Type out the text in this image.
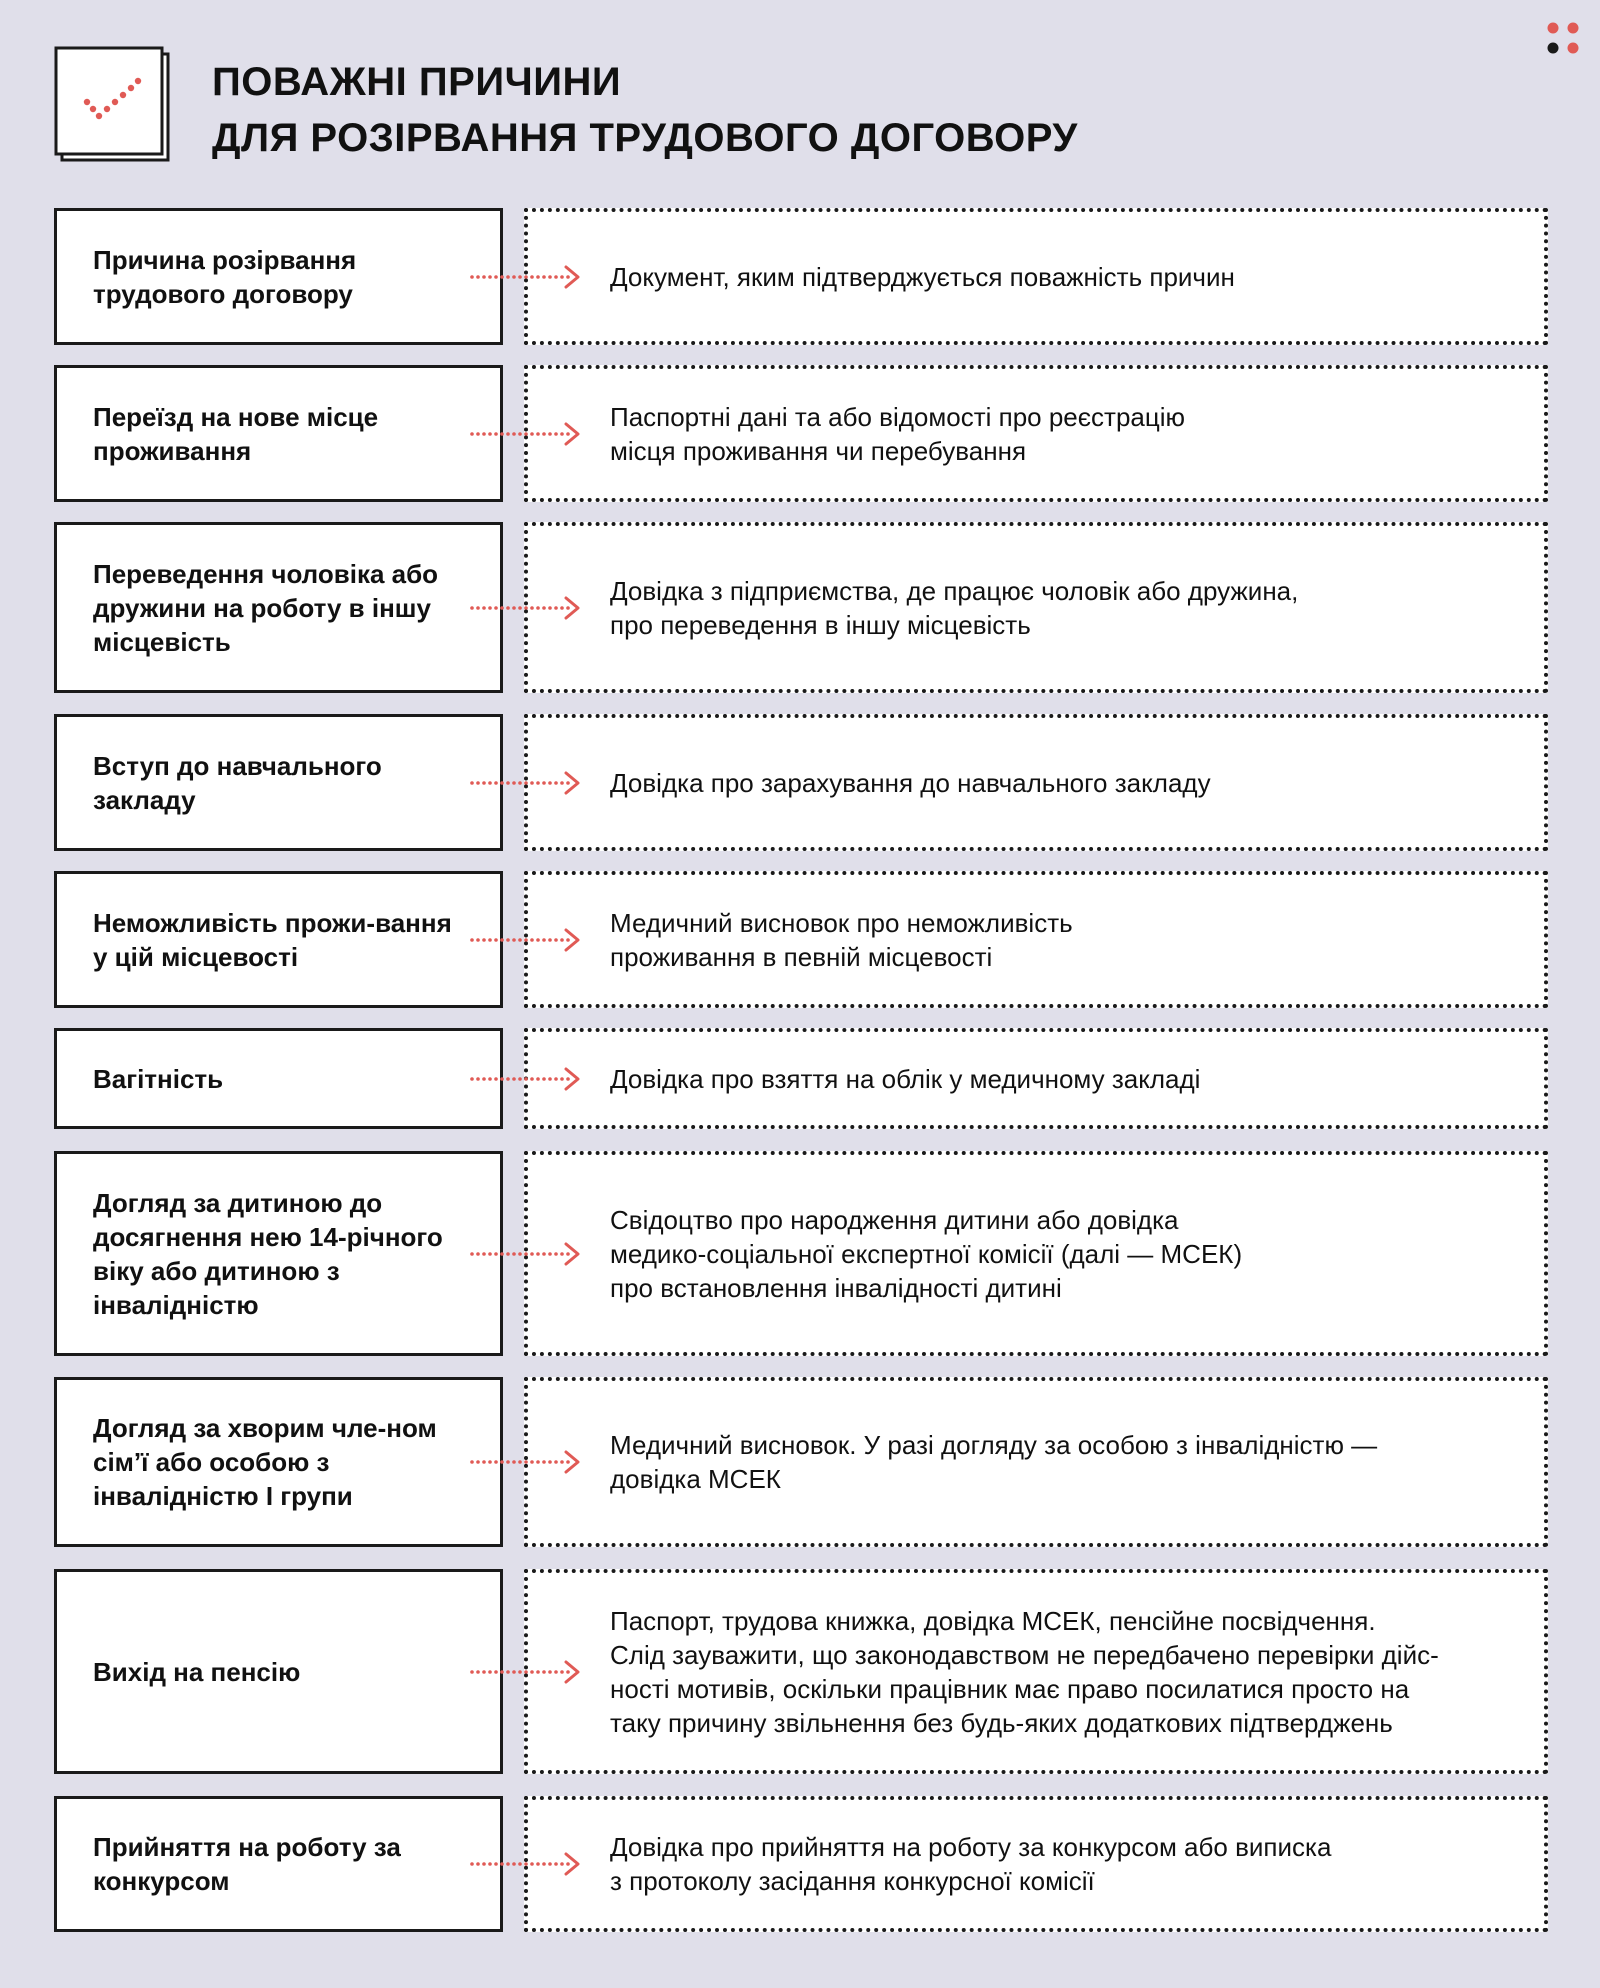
ПОВАЖНІ ПРИЧИНИ
ДЛЯ РОЗІРВАННЯ ТРУДОВОГО ДОГОВОРУ
Причина розірвання трудового договору

Документ, яким підтверджується поважність причин

Переїзд на нове місце проживання

Паспортні дані та або відомості про реєстрацію
місця проживання чи перебування

Переведення чоловіка або дружини на роботу в іншу місцевість

Довідка з підприємства, де працює чоловік або дружина,
про переведення в іншу місцевість

Вступ до навчального закладу

Довідка про зарахування до навчального закладу

Неможливість прожи-вання у цій місцевості

Медичний висновок про неможливість
проживання в певній місцевості

Вагітність	Довідка про взяття на облік у медичному закладі

Догляд за дитиною до досягнення нею 14-річного віку або дитиною з інвалідністю

Свідоцтво про народження дитини або довідка
медико-соціальної експертної комісії (далі — МСЕК)
про встановлення інвалідності дитині

Догляд за хворим чле-ном сім’ї або особою з інвалідністю I групи

Медичний висновок. У разі догляду за особою з інвалідністю —
довідка МСЕК

Вихід на пенсію

Паспорт, трудова книжка, довідка МСЕК, пенсійне посвідчення.
Слід зауважити, що законодавством не передбачено перевірки дійс-
ності мотивів, оскільки працівник має право посилатися просто на
таку причину звільнення без будь-яких додаткових підтверджень

Прийняття на роботу за конкурсом

Довідка про прийняття на роботу за конкурсом або виписка
з протоколу засідання конкурсної комісії
